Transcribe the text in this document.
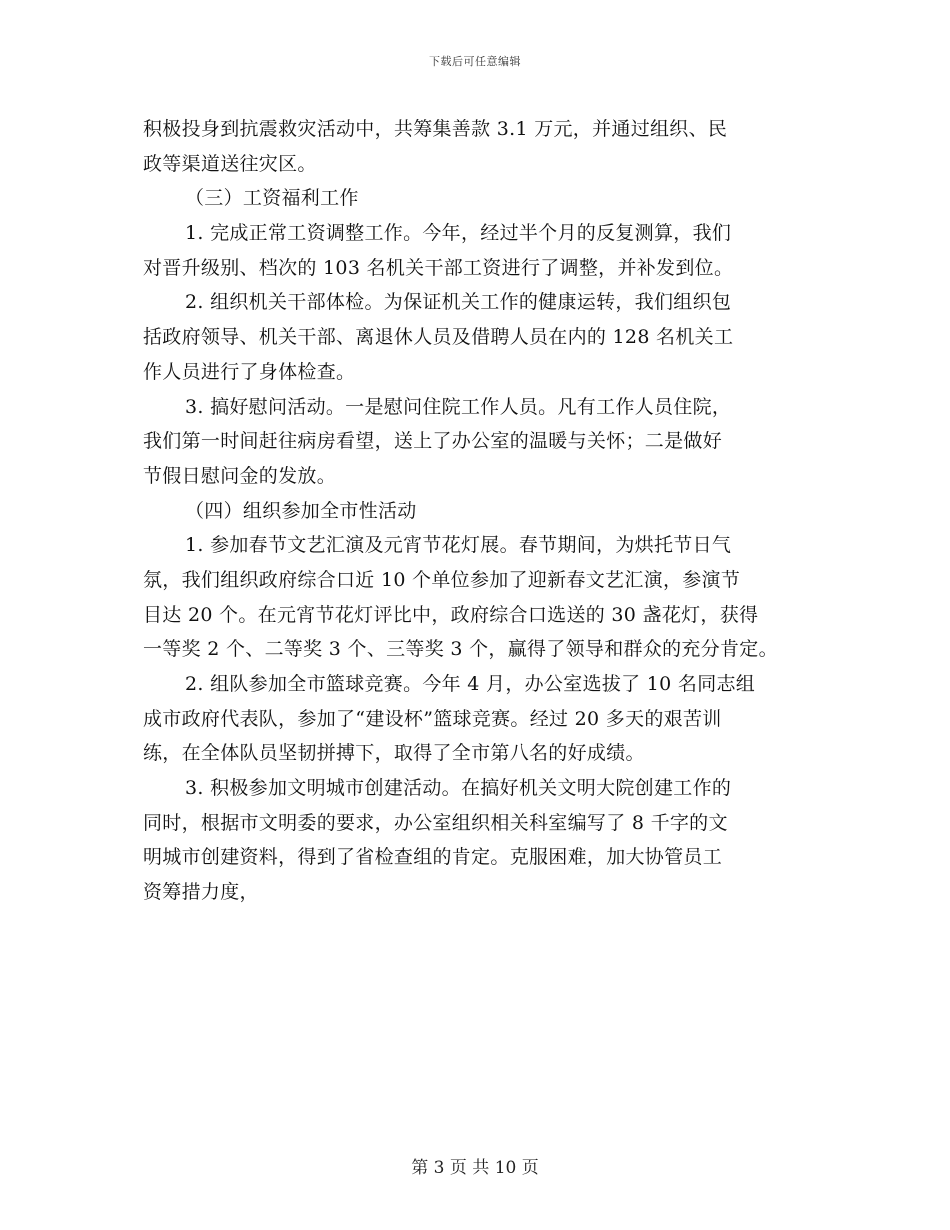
下载后可任意编辑
积极投身到抗震救灾活动中，共筹集善款 3.1 万元，并通过组织、民
政等渠道送往灾区。
（三）工资福利工作
1. 完成正常工资调整工作。今年，经过半个月的反复测算，我们
对晋升级别、档次的 103 名机关干部工资进行了调整，并补发到位。
2. 组织机关干部体检。为保证机关工作的健康运转，我们组织包
括政府领导、机关干部、离退休人员及借聘人员在内的 128 名机关工
作人员进行了身体检查。
3. 搞好慰问活动。一是慰问住院工作人员。凡有工作人员住院，
我们第一时间赶往病房看望，送上了办公室的温暖与关怀；二是做好
节假日慰问金的发放。
（四）组织参加全市性活动
1. 参加春节文艺汇演及元宵节花灯展。春节期间，为烘托节日气
氛，我们组织政府综合口近 10 个单位参加了迎新春文艺汇演，参演节
目达 20 个。在元宵节花灯评比中，政府综合口选送的 30 盏花灯，获得
一等奖 2 个、二等奖 3 个、三等奖 3 个，赢得了领导和群众的充分肯定。
2. 组队参加全市篮球竞赛。今年 4 月，办公室选拔了 10 名同志组
成市政府代表队，参加了“建设杯”篮球竞赛。经过 20 多天的艰苦训
练，在全体队员坚韧拼搏下，取得了全市第八名的好成绩。
3. 积极参加文明城市创建活动。在搞好机关文明大院创建工作的
同时，根据市文明委的要求，办公室组织相关科室编写了 8 千字的文
明城市创建资料，得到了省检查组的肯定。克服困难，加大协管员工
资筹措力度，
第 3 页 共 10 页
